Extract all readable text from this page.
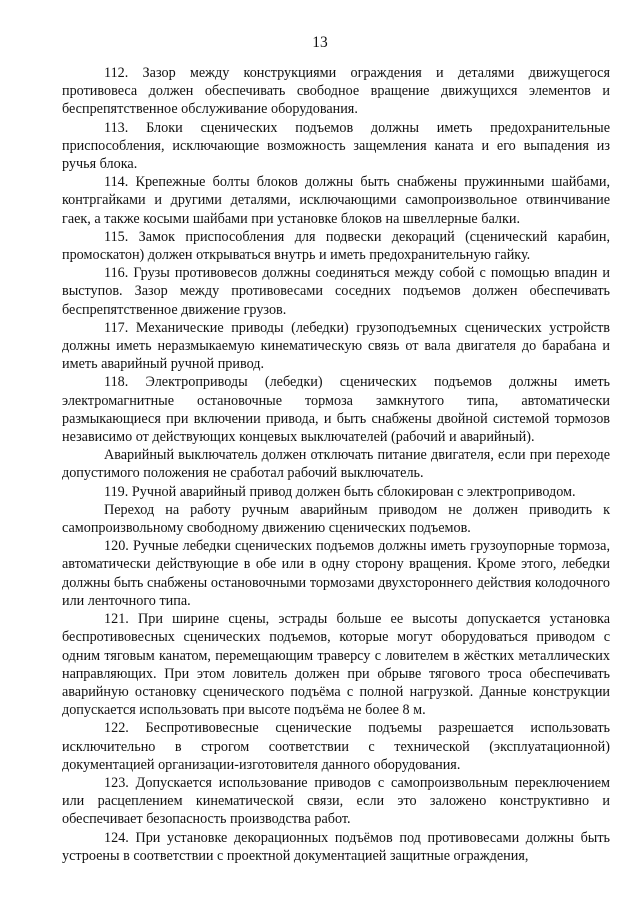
13

112. Зазор между конструкциями ограждения и деталями движущегося противовеса должен обеспечивать свободное вращение движущихся элементов и беспрепятственное обслуживание оборудования.

113. Блоки сценических подъемов должны иметь предохранительные приспособления, исключающие возможность защемления каната и его выпадения из ручья блока.

114. Крепежные болты блоков должны быть снабжены пружинными шайбами, контргайками и другими деталями, исключающими самопроизвольное отвинчивание гаек, а также косыми шайбами при установке блоков на швеллерные балки.

115. Замок приспособления для подвески декораций (сценический карабин, промоскатон) должен открываться внутрь и иметь предохранительную гайку.

116. Грузы противовесов должны соединяться между собой с помощью впадин и выступов. Зазор между противовесами соседних подъемов должен обеспечивать беспрепятственное движение грузов.

117. Механические приводы (лебедки) грузоподъемных сценических устройств должны иметь неразмыкаемую кинематическую связь от вала двигателя до барабана и иметь аварийный ручной привод.

118. Электроприводы (лебедки) сценических подъемов должны иметь электромагнитные остановочные тормоза замкнутого типа, автоматически размыкающиеся при включении привода, и быть снабжены двойной системой тормозов независимо от действующих концевых выключателей (рабочий и аварийный).

Аварийный выключатель должен отключать питание двигателя, если при переходе допустимого положения не сработал рабочий выключатель.

119. Ручной аварийный привод должен быть сблокирован с электроприводом.

Переход на работу ручным аварийным приводом не должен приводить к самопроизвольному свободному движению сценических подъемов.

120. Ручные лебедки сценических подъемов должны иметь грузоупорные тормоза, автоматически действующие в обе или в одну сторону вращения. Кроме этого, лебедки должны быть снабжены остановочными тормозами двухстороннего действия колодочного или ленточного типа.

121. При ширине сцены, эстрады больше ее высоты допускается установка беспротивовесных сценических подъемов, которые могут оборудоваться приводом с одним тяговым канатом, перемещающим траверсу с ловителем в жёстких металлических направляющих. При этом ловитель должен при обрыве тягового троса обеспечивать аварийную остановку сценического подъёма с полной нагрузкой. Данные конструкции допускается использовать при высоте подъёма не более 8 м.

122. Беспротивовесные сценические подъемы разрешается использовать исключительно в строгом соответствии с технической (эксплуатационной) документацией организации-изготовителя данного оборудования.

123. Допускается использование приводов с самопроизвольным переключением или расцеплением кинематической связи, если это заложено конструктивно и обеспечивает безопасность производства работ.

124. При установке декорационных подъёмов под противовесами должны быть устроены в соответствии с проектной документацией защитные ограждения,
